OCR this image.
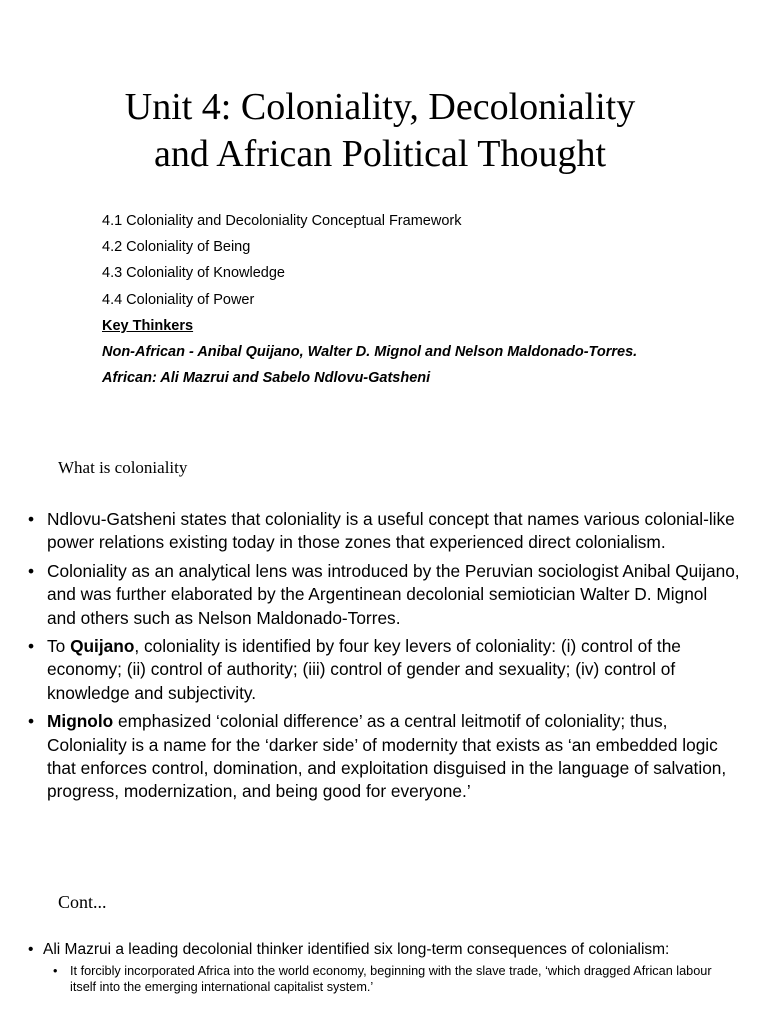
Unit 4: Coloniality, Decoloniality
and African Political Thought
4.1 Coloniality and Decoloniality Conceptual Framework
4.2 Coloniality of Being
4.3 Coloniality of Knowledge
4.4 Coloniality of Power
Key Thinkers
Non-African - Anibal Quijano, Walter D. Mignol and Nelson Maldonado-Torres.
African: Ali Mazrui and Sabelo Ndlovu-Gatsheni
What is coloniality
• Ndlovu-Gatsheni states that coloniality is a useful concept that names various colonial-like power relations existing today in those zones that experienced direct colonialism.
• Coloniality as an analytical lens was introduced by the Peruvian sociologist Anibal Quijano, and was further elaborated by the Argentinean decolonial semiotician Walter D. Mignol and others such as Nelson Maldonado-Torres.
• To Quijano, coloniality is identified by four key levers of coloniality: (i) control of the economy; (ii) control of authority; (iii) control of gender and sexuality; (iv) control of knowledge and subjectivity.
• Mignolo emphasized ‘colonial difference’ as a central leitmotif of coloniality; thus, Coloniality is a name for the ‘darker side’ of modernity that exists as ‘an embedded logic that enforces control, domination, and exploitation disguised in the language of salvation, progress, modernization, and being good for everyone.’
Cont...
• Ali Mazrui a leading decolonial thinker identified six long-term consequences of colonialism:
• It forcibly incorporated Africa into the world economy, beginning with the slave trade, ‘which dragged African labour itself into the emerging international capitalist system.’
